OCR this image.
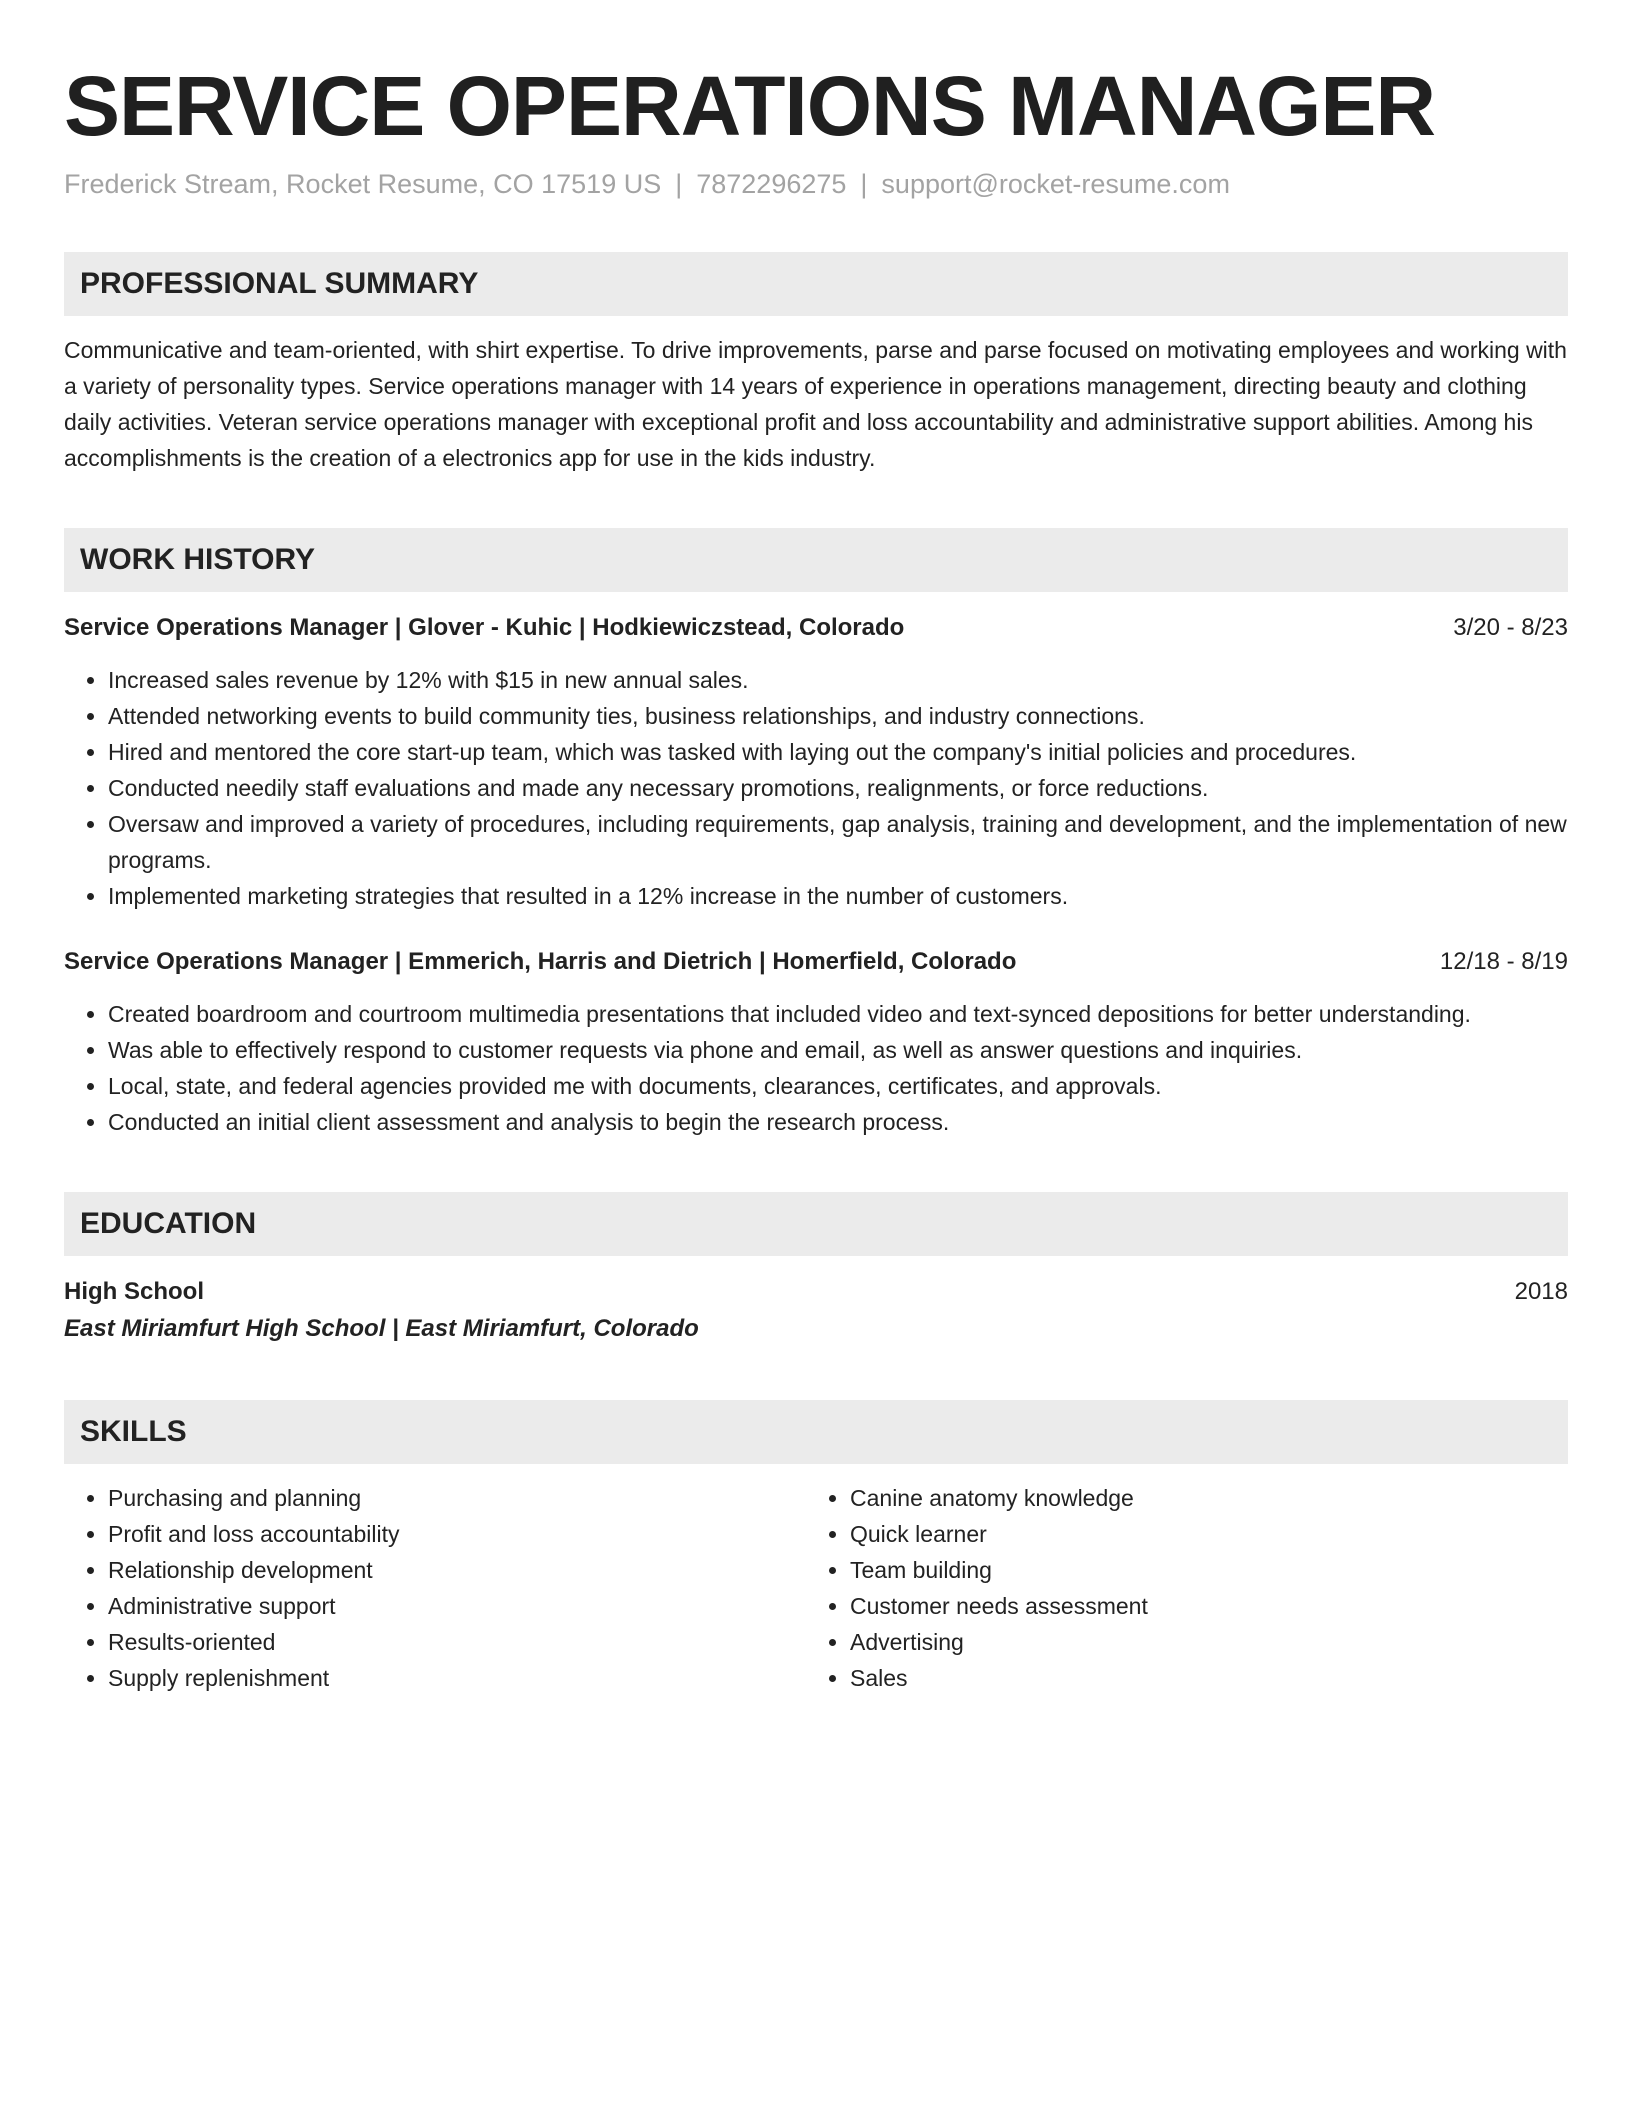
SERVICE OPERATIONS MANAGER
Frederick Stream, Rocket Resume, CO 17519 US | 7872296275 | support@rocket-resume.com
PROFESSIONAL SUMMARY
Communicative and team-oriented, with shirt expertise. To drive improvements, parse and parse focused on motivating employees and working with a variety of personality types. Service operations manager with 14 years of experience in operations management, directing beauty and clothing daily activities. Veteran service operations manager with exceptional profit and loss accountability and administrative support abilities. Among his accomplishments is the creation of a electronics app for use in the kids industry.
WORK HISTORY
Service Operations Manager | Glover - Kuhic | Hodkiewiczstead, Colorado	3/20 - 8/23
• Increased sales revenue by 12% with $15 in new annual sales.
• Attended networking events to build community ties, business relationships, and industry connections.
• Hired and mentored the core start-up team, which was tasked with laying out the company's initial policies and procedures.
• Conducted needily staff evaluations and made any necessary promotions, realignments, or force reductions.
• Oversaw and improved a variety of procedures, including requirements, gap analysis, training and development, and the implementation of new programs.
• Implemented marketing strategies that resulted in a 12% increase in the number of customers.
Service Operations Manager | Emmerich, Harris and Dietrich | Homerfield, Colorado	12/18 - 8/19
• Created boardroom and courtroom multimedia presentations that included video and text-synced depositions for better understanding.
• Was able to effectively respond to customer requests via phone and email, as well as answer questions and inquiries.
• Local, state, and federal agencies provided me with documents, clearances, certificates, and approvals.
• Conducted an initial client assessment and analysis to begin the research process.
EDUCATION
High School	2018
East Miriamfurt High School | East Miriamfurt, Colorado
SKILLS
• Purchasing and planning
• Profit and loss accountability
• Relationship development
• Administrative support
• Results-oriented
• Supply replenishment
• Canine anatomy knowledge
• Quick learner
• Team building
• Customer needs assessment
• Advertising
• Sales
